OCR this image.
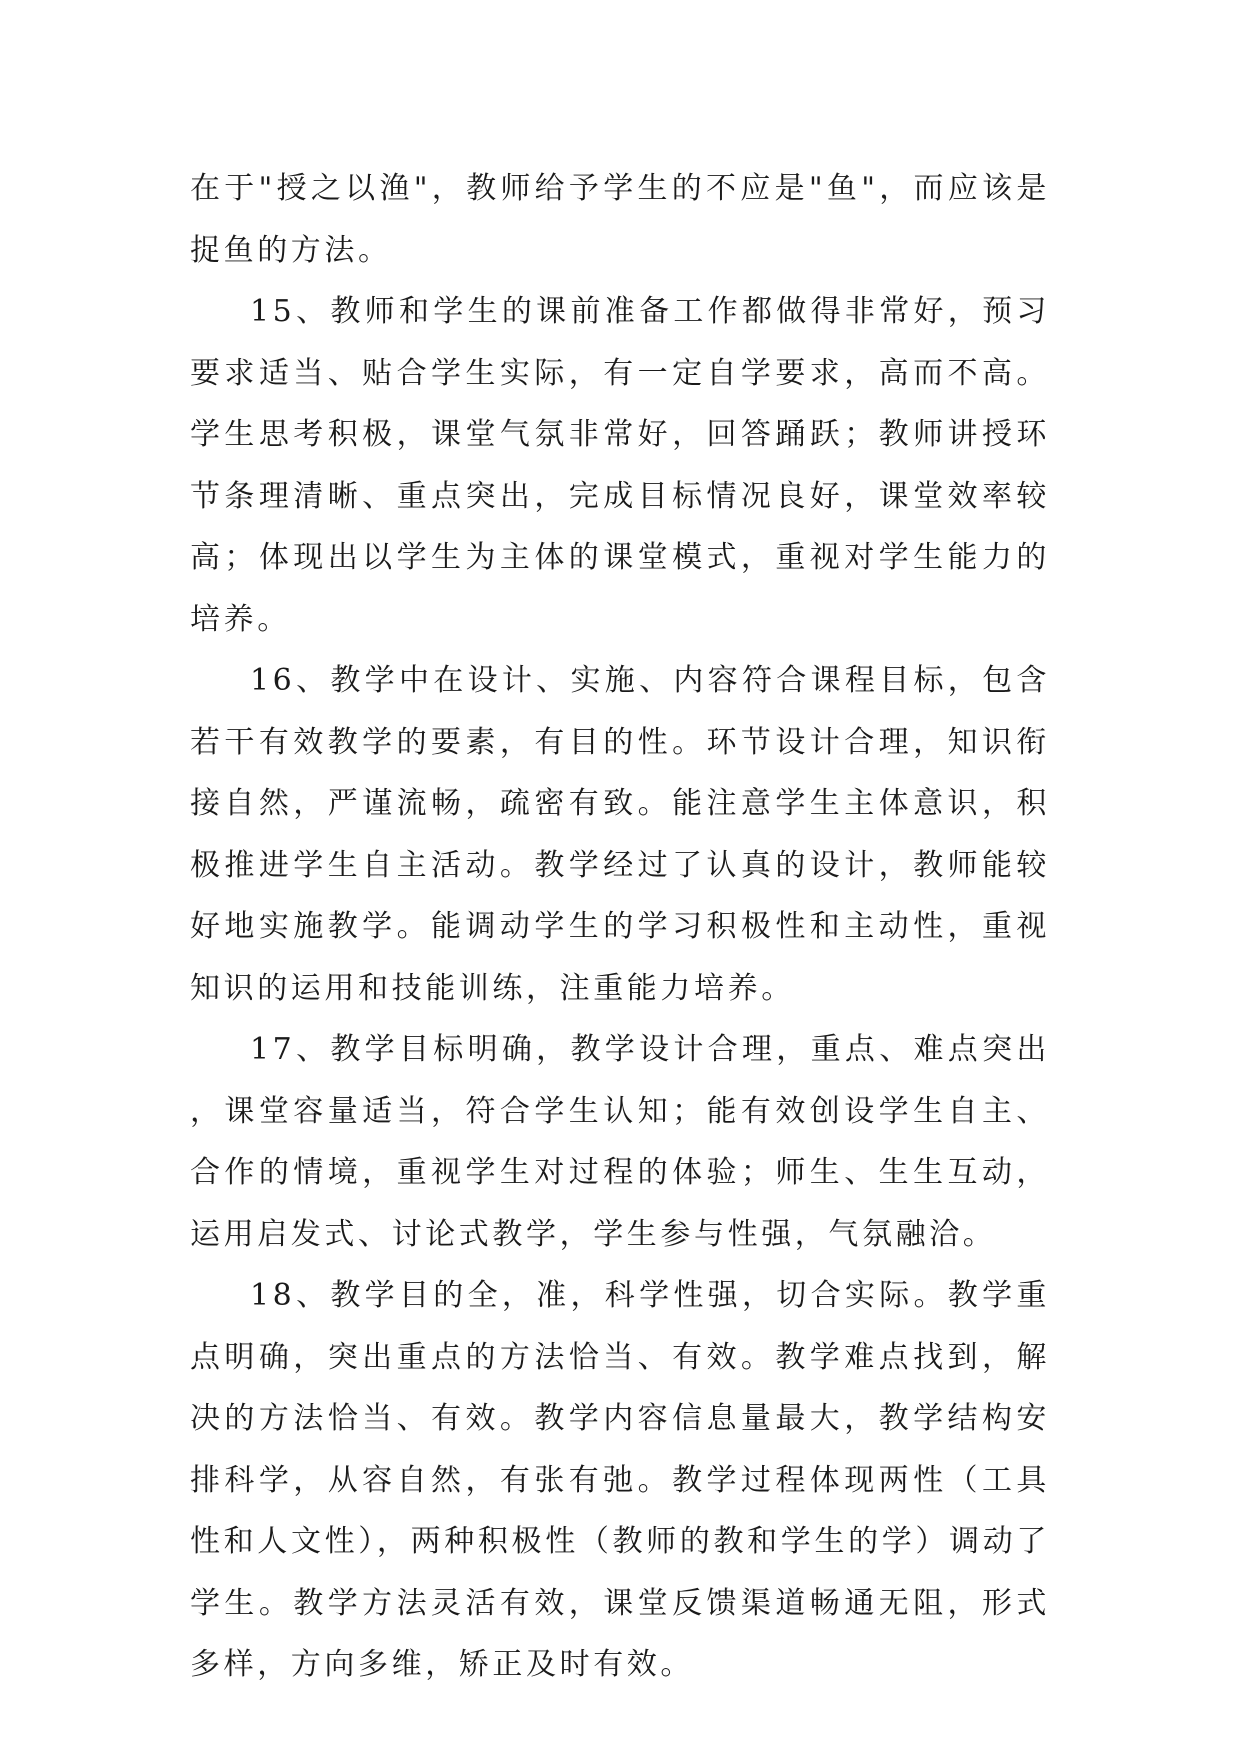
在于"授之以渔"，教师给予学生的不应是"鱼"，而应该是捉鱼的方法。

15、教师和学生的课前准备工作都做得非常好，预习要求适当、贴合学生实际，有一定自学要求，高而不高。学生思考积极，课堂气氛非常好，回答踊跃；教师讲授环节条理清晰、重点突出，完成目标情况良好，课堂效率较高；体现出以学生为主体的课堂模式，重视对学生能力的培养。

16、教学中在设计、实施、内容符合课程目标，包含若干有效教学的要素，有目的性。环节设计合理，知识衔接自然，严谨流畅，疏密有致。能注意学生主体意识，积极推进学生自主活动。教学经过了认真的设计，教师能较好地实施教学。能调动学生的学习积极性和主动性，重视知识的运用和技能训练，注重能力培养。

17、教学目标明确，教学设计合理，重点、难点突出，课堂容量适当，符合学生认知；能有效创设学生自主、合作的情境，重视学生对过程的体验；师生、生生互动，运用启发式、讨论式教学，学生参与性强，气氛融洽。

18、教学目的全，准，科学性强，切合实际。教学重点明确，突出重点的方法恰当、有效。教学难点找到，解决的方法恰当、有效。教学内容信息量最大，教学结构安排科学，从容自然，有张有弛。教学过程体现两性（工具性和人文性），两种积极性（教师的教和学生的学）调动了学生。教学方法灵活有效，课堂反馈渠道畅通无阻，形式多样，方向多维，矫正及时有效。
